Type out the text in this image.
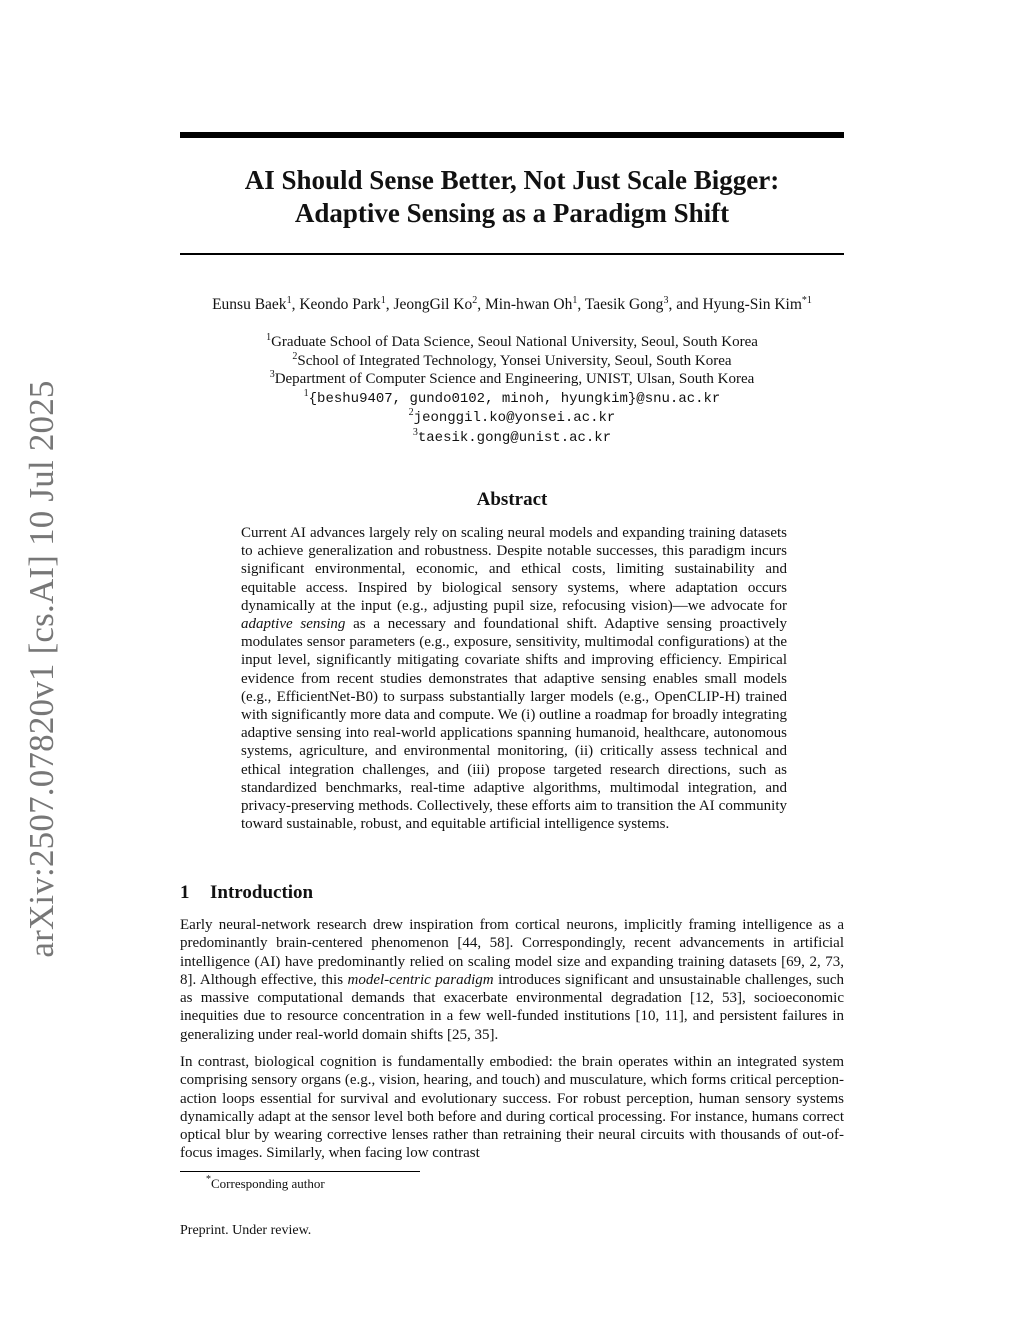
arXiv:2507.07820v1 [cs.AI] 10 Jul 2025
AI Should Sense Better, Not Just Scale Bigger:
Adaptive Sensing as a Paradigm Shift
Eunsu Baek$^1$, Keondo Park$^1$, JeongGil Ko$^2$, Min-hwan Oh$^1$, Taesik Gong$^3$, and Hyung-Sin Kim$^{*1}$
$^1$Graduate School of Data Science, Seoul National University, Seoul, South Korea
$^2$School of Integrated Technology, Yonsei University, Seoul, South Korea
$^3$Department of Computer Science and Engineering, UNIST, Ulsan, South Korea
$^1${beshu9407, gundo0102, minoh, hyungkim}@snu.ac.kr
$^2$jeonggil.ko@yonsei.ac.kr
$^3$taesik.gong@unist.ac.kr
Abstract
Current AI advances largely rely on scaling neural models and expanding training datasets to achieve generalization and robustness. Despite notable successes, this paradigm incurs significant environmental, economic, and ethical costs, limiting sustainability and equitable access. Inspired by biological sensory systems, where adaptation occurs dynamically at the input (e.g., adjusting pupil size, refocusing vision)—we advocate for adaptive sensing as a necessary and foundational shift. Adaptive sensing proactively modulates sensor parameters (e.g., exposure, sensitivity, multimodal configurations) at the input level, significantly mitigating covariate shifts and improving efficiency. Empirical evidence from recent studies demonstrates that adaptive sensing enables small models (e.g., EfficientNet-B0) to surpass substantially larger models (e.g., OpenCLIP-H) trained with significantly more data and compute. We (i) outline a roadmap for broadly integrating adaptive sensing into real-world applications spanning humanoid, healthcare, autonomous systems, agriculture, and environmental monitoring, (ii) critically assess technical and ethical integration challenges, and (iii) propose targeted research directions, such as standardized benchmarks, real-time adaptive algorithms, multimodal integration, and privacy-preserving methods. Collectively, these efforts aim to transition the AI community toward sustainable, robust, and equitable artificial intelligence systems.
1 Introduction
Early neural-network research drew inspiration from cortical neurons, implicitly framing intelligence as a predominantly brain-centered phenomenon [44, 58]. Correspondingly, recent advancements in artificial intelligence (AI) have predominantly relied on scaling model size and expanding training datasets [69, 2, 73, 8]. Although effective, this model-centric paradigm introduces significant and unsustainable challenges, such as massive computational demands that exacerbate environmental degradation [12, 53], socioeconomic inequities due to resource concentration in a few well-funded institutions [10, 11], and persistent failures in generalizing under real-world domain shifts [25, 35].
In contrast, biological cognition is fundamentally embodied: the brain operates within an integrated system comprising sensory organs (e.g., vision, hearing, and touch) and musculature, which forms critical perception-action loops essential for survival and evolutionary success. For robust perception, human sensory systems dynamically adapt at the sensor level both before and during cortical processing. For instance, humans correct optical blur by wearing corrective lenses rather than retraining their neural circuits with thousands of out-of-focus images. Similarly, when facing low contrast
*Corresponding author
Preprint. Under review.
